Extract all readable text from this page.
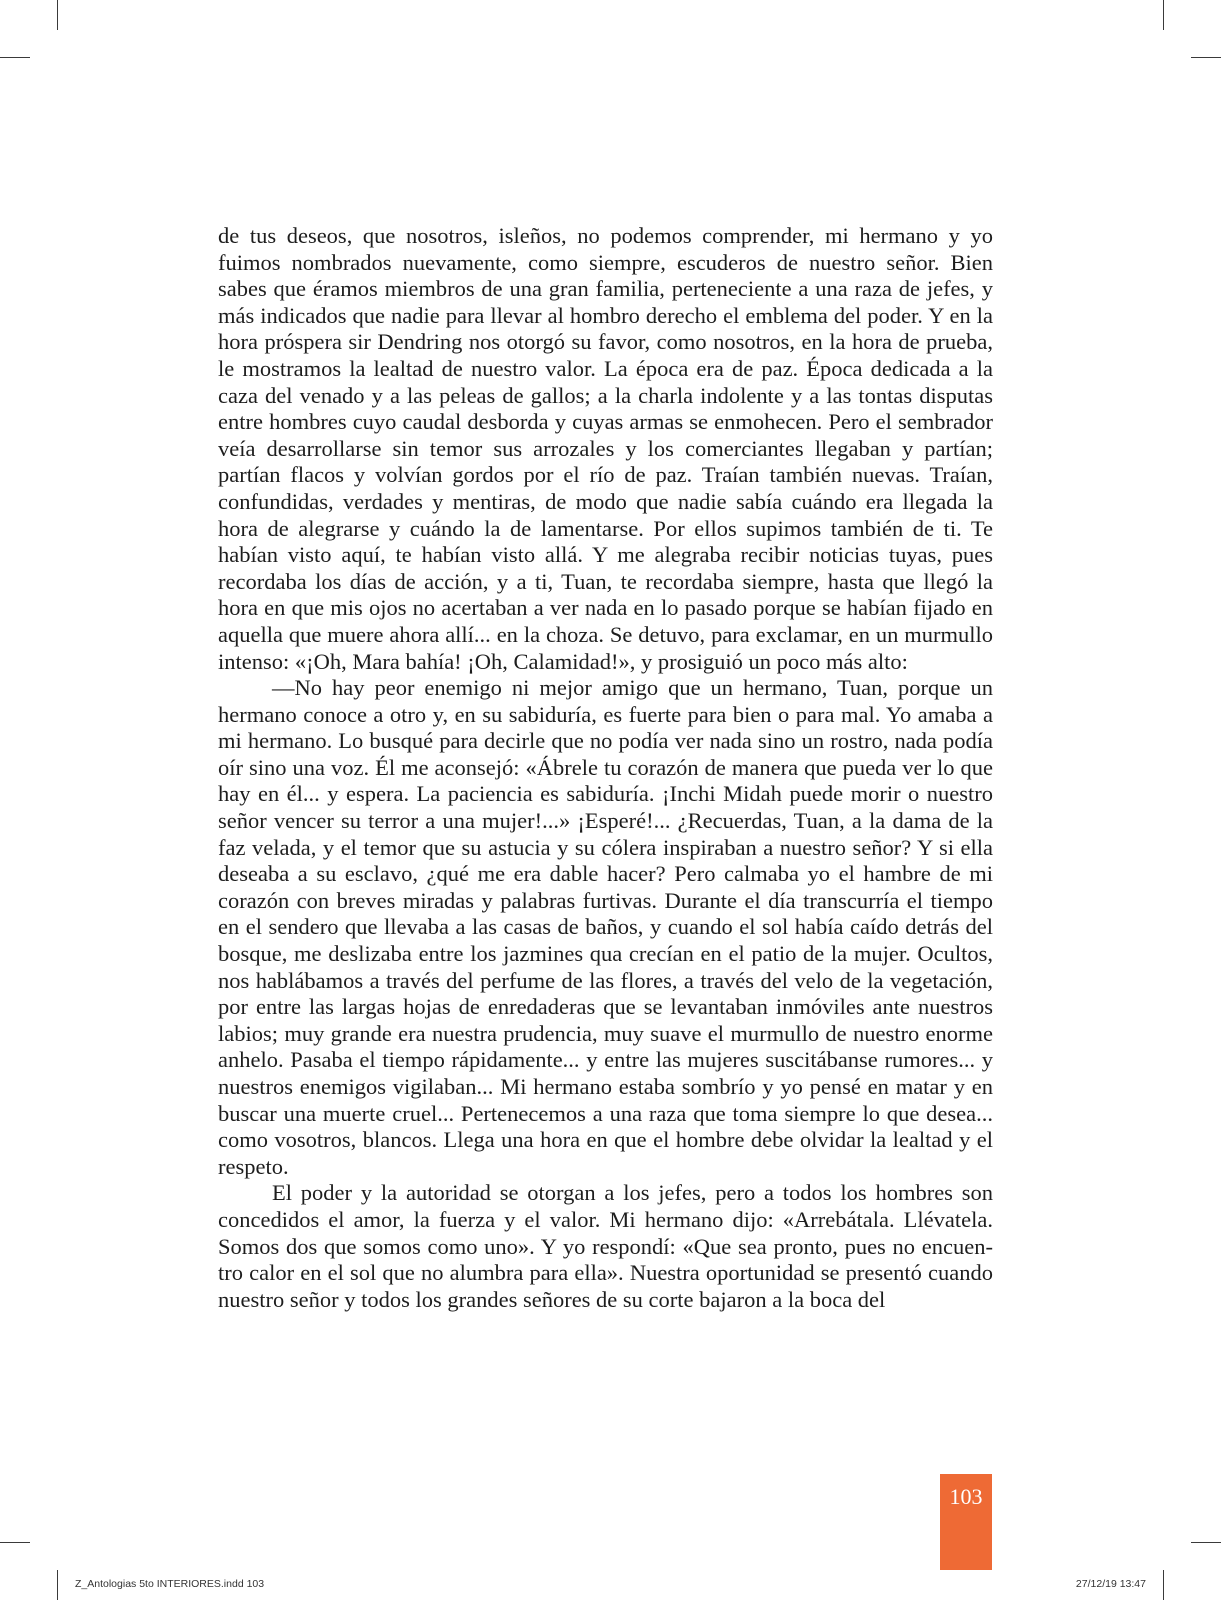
de tus deseos, que nosotros, isleños, no podemos comprender, mi hermano y yo fuimos nombrados nuevamente, como siempre, escuderos de nuestro señor. Bien sabes que éramos miembros de una gran familia, perteneciente a una raza de jefes, y más indicados que nadie para llevar al hombro derecho el emblema del poder. Y en la hora próspera sir Dendring nos otorgó su favor, como nosotros, en la hora de prueba, le mostramos la lealtad de nuestro valor. La época era de paz. Época dedicada a la caza del venado y a las peleas de gallos; a la charla indolente y a las tontas disputas entre hombres cuyo caudal desborda y cuyas armas se enmohecen. Pero el sembrador veía desarrollarse sin temor sus arrozales y los comerciantes llegaban y partían; partían flacos y volvían gordos por el río de paz. Traían también nuevas. Traían, confundidas, verdades y mentiras, de modo que nadie sabía cuándo era llegada la hora de alegrarse y cuándo la de lamentarse. Por ellos supimos también de ti. Te habían visto aquí, te habían visto allá. Y me alegraba recibir noticias tuyas, pues recordaba los días de acción, y a ti, Tuan, te recordaba siempre, hasta que llegó la hora en que mis ojos no acertaban a ver nada en lo pasado porque se habían fijado en aquella que muere ahora allí... en la choza. Se detuvo, para exclamar, en un murmullo intenso: «¡Oh, Mara bahía! ¡Oh, Calamidad!», y prosiguió un poco más alto:

—No hay peor enemigo ni mejor amigo que un hermano, Tuan, porque un hermano conoce a otro y, en su sabiduría, es fuerte para bien o para mal. Yo amaba a mi hermano. Lo busqué para decirle que no podía ver nada sino un rostro, nada podía oír sino una voz. Él me aconsejó: «Ábrele tu corazón de manera que pueda ver lo que hay en él... y espera. La paciencia es sabiduría. ¡Inchi Midah puede morir o nuestro señor vencer su terror a una mujer!...» ¡Esperé!... ¿Recuerdas, Tuan, a la dama de la faz velada, y el temor que su astucia y su cólera inspiraban a nuestro señor? Y si ella deseaba a su esclavo, ¿qué me era dable hacer? Pero calmaba yo el hambre de mi corazón con breves miradas y palabras furtivas. Durante el día transcurría el tiempo en el sendero que llevaba a las casas de baños, y cuando el sol había caído detrás del bosque, me deslizaba entre los jazmines qua crecían en el patio de la mujer. Ocultos, nos hablábamos a través del perfume de las flores, a través del velo de la vegetación, por entre las largas hojas de enredaderas que se levantaban inmóviles ante nuestros labios; muy grande era nuestra prudencia, muy suave el murmullo de nuestro enorme anhelo. Pasaba el tiempo rápidamente... y entre las mujeres suscitábanse rumores... y nuestros enemigos vigilaban... Mi hermano estaba sombrío y yo pensé en matar y en buscar una muerte cruel... Pertenecemos a una raza que toma siempre lo que desea... como vosotros, blancos. Llega una hora en que el hombre debe olvidar la lealtad y el respeto.

El poder y la autoridad se otorgan a los jefes, pero a todos los hombres son concedidos el amor, la fuerza y el valor. Mi hermano dijo: «Arrebátala. Llévatela. Somos dos que somos como uno». Y yo respondí: «Que sea pronto, pues no encuentro calor en el sol que no alumbra para ella». Nuestra oportunidad se presentó cuando nuestro señor y todos los grandes señores de su corte bajaron a la boca del

103
Z_Antologias 5to INTERIORES.indd 103	27/12/19 13:47
